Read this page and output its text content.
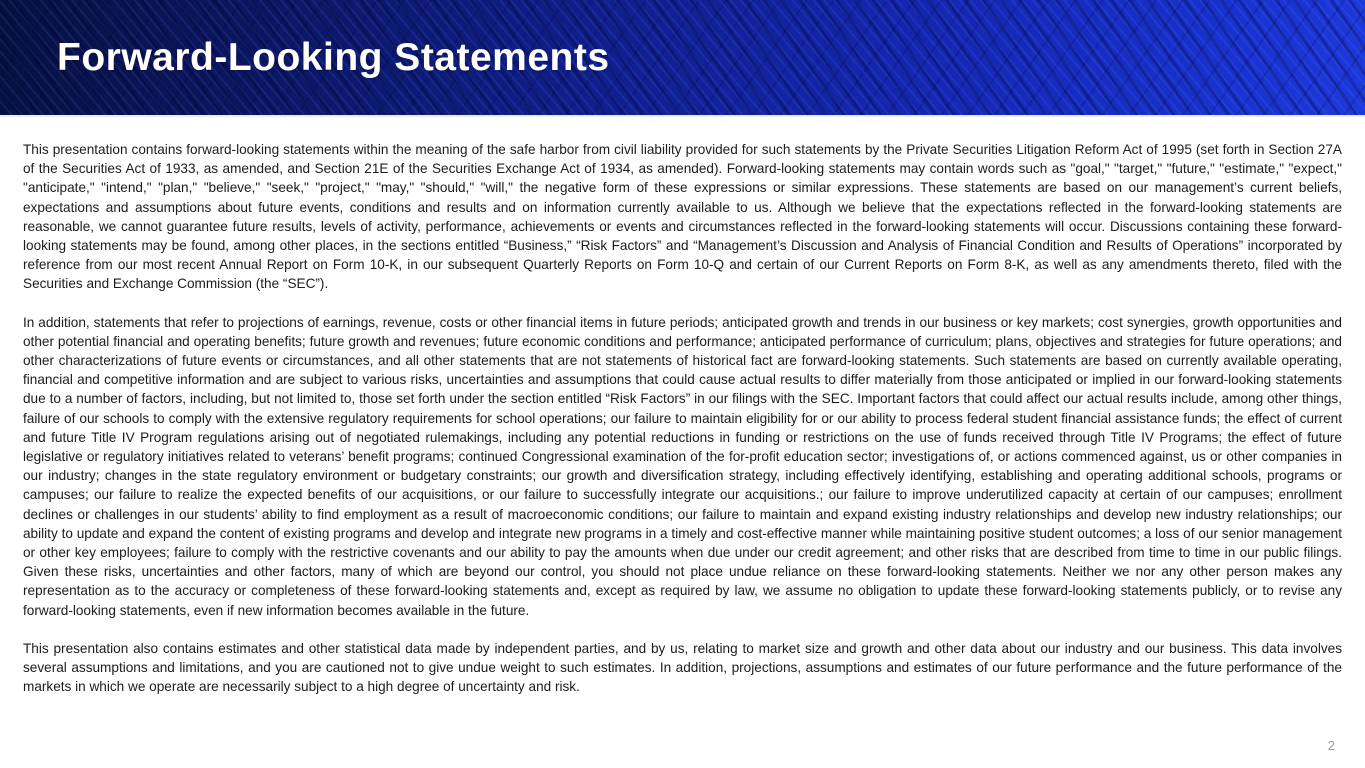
Forward-Looking Statements

This presentation contains forward-looking statements within the meaning of the safe harbor from civil liability provided for such statements by the Private Securities Litigation Reform Act of 1995 (set forth in Section 27A of the Securities Act of 1933, as amended, and Section 21E of the Securities Exchange Act of 1934, as amended). Forward-looking statements may contain words such as "goal," "target," "future," "estimate," "expect," "anticipate," "intend," "plan," "believe," "seek," "project," "may," "should," "will," the negative form of these expressions or similar expressions. These statements are based on our management’s current beliefs, expectations and assumptions about future events, conditions and results and on information currently available to us. Although we believe that the expectations reflected in the forward-looking statements are reasonable, we cannot guarantee future results, levels of activity, performance, achievements or events and circumstances reflected in the forward-looking statements will occur. Discussions containing these forward-looking statements may be found, among other places, in the sections entitled “Business,” “Risk Factors” and “Management’s Discussion and Analysis of Financial Condition and Results of Operations” incorporated by reference from our most recent Annual Report on Form 10-K, in our subsequent Quarterly Reports on Form 10-Q and certain of our Current Reports on Form 8-K, as well as any amendments thereto, filed with the Securities and Exchange Commission (the “SEC”).

In addition, statements that refer to projections of earnings, revenue, costs or other financial items in future periods; anticipated growth and trends in our business or key markets; cost synergies, growth opportunities and other potential financial and operating benefits; future growth and revenues; future economic conditions and performance; anticipated performance of curriculum; plans, objectives and strategies for future operations; and other characterizations of future events or circumstances, and all other statements that are not statements of historical fact are forward-looking statements. Such statements are based on currently available operating, financial and competitive information and are subject to various risks, uncertainties and assumptions that could cause actual results to differ materially from those anticipated or implied in our forward-looking statements due to a number of factors, including, but not limited to, those set forth under the section entitled “Risk Factors” in our filings with the SEC. Important factors that could affect our actual results include, among other things, failure of our schools to comply with the extensive regulatory requirements for school operations; our failure to maintain eligibility for or our ability to process federal student financial assistance funds; the effect of current and future Title IV Program regulations arising out of negotiated rulemakings, including any potential reductions in funding or restrictions on the use of funds received through Title IV Programs; the effect of future legislative or regulatory initiatives related to veterans’ benefit programs; continued Congressional examination of the for-profit education sector; investigations of, or actions commenced against, us or other companies in our industry; changes in the state regulatory environment or budgetary constraints; our growth and diversification strategy, including effectively identifying, establishing and operating additional schools, programs or campuses; our failure to realize the expected benefits of our acquisitions, or our failure to successfully integrate our acquisitions.; our failure to improve underutilized capacity at certain of our campuses; enrollment declines or challenges in our students’ ability to find employment as a result of macroeconomic conditions; our failure to maintain and expand existing industry relationships and develop new industry relationships; our ability to update and expand the content of existing programs and develop and integrate new programs in a timely and cost-effective manner while maintaining positive student outcomes; a loss of our senior management or other key employees; failure to comply with the restrictive covenants and our ability to pay the amounts when due under our credit agreement; and other risks that are described from time to time in our public filings. Given these risks, uncertainties and other factors, many of which are beyond our control, you should not place undue reliance on these forward-looking statements. Neither we nor any other person makes any representation as to the accuracy or completeness of these forward-looking statements and, except as required by law, we assume no obligation to update these forward-looking statements publicly, or to revise any forward-looking statements, even if new information becomes available in the future.

This presentation also contains estimates and other statistical data made by independent parties, and by us, relating to market size and growth and other data about our industry and our business. This data involves several assumptions and limitations, and you are cautioned not to give undue weight to such estimates. In addition, projections, assumptions and estimates of our future performance and the future performance of the markets in which we operate are necessarily subject to a high degree of uncertainty and risk.

2
